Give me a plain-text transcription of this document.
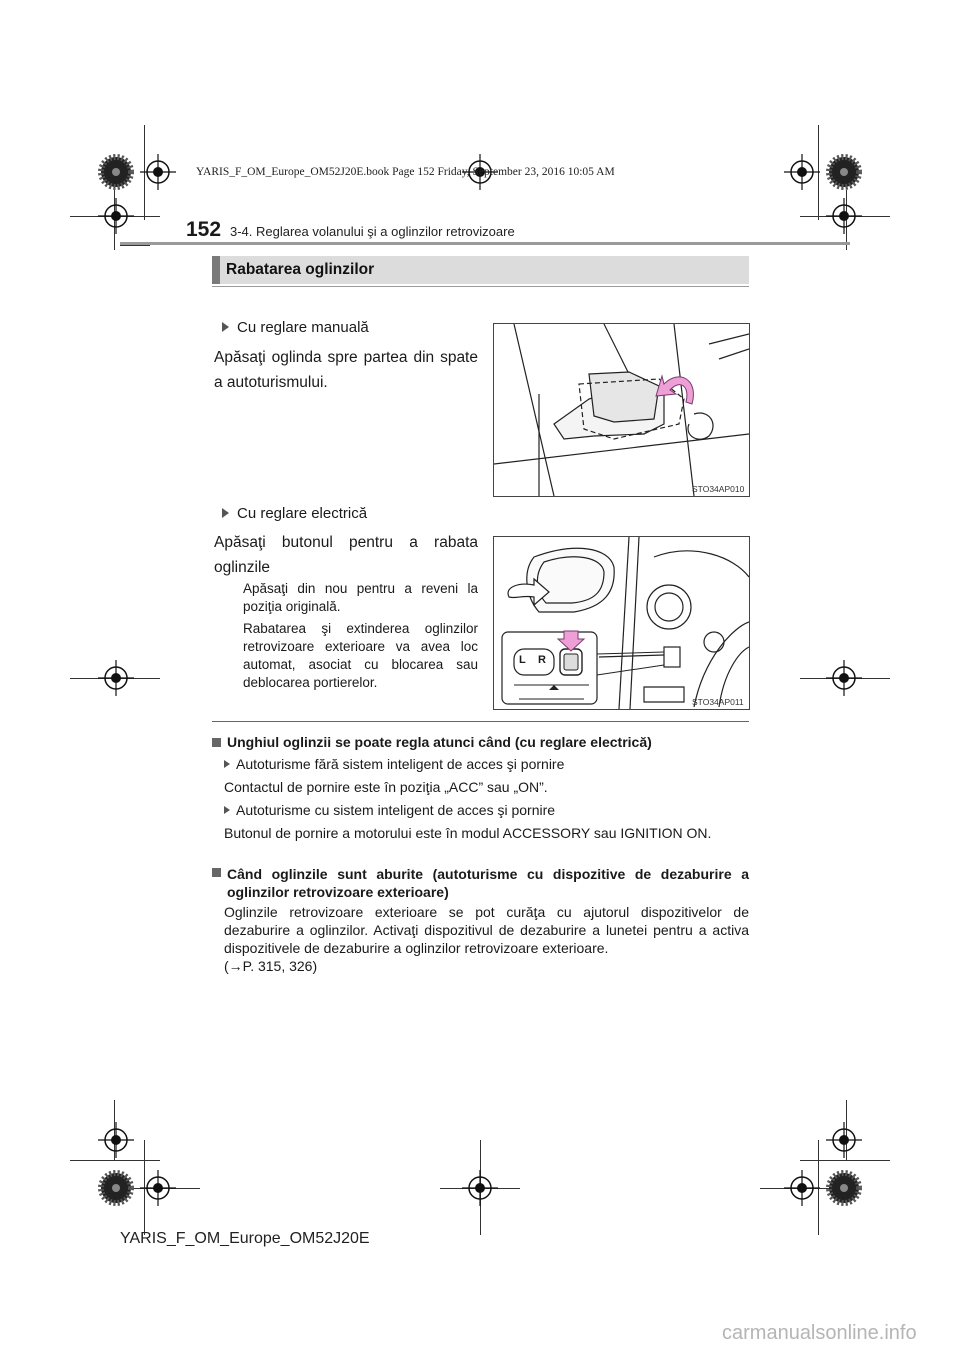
YARIS_F_OM_Europe_OM52J20E.book Page 152 Friday, September 23, 2016 10:05 AM
152 3-4. Reglarea volanului şi a oglinzilor retrovizoare
Rabatarea oglinzilor
Cu reglare manuală
Apăsaţi oglinda spre partea din spate a autoturismului.
STO34AP010
Cu reglare electrică
Apăsaţi butonul pentru a rabata oglinzile
Apăsaţi din nou pentru a reveni la poziţia originală.
Rabatarea şi extinderea oglinzilor retrovizoare exterioare va avea loc automat, asociat cu blocarea sau deblocarea portierelor.
L R
STO34AP011
Unghiul oglinzii se poate regla atunci când (cu reglare electrică)
Autoturisme fără sistem inteligent de acces şi pornire
Contactul de pornire este în poziţia „ACC” sau „ON”.
Autoturisme cu sistem inteligent de acces şi pornire
Butonul de pornire a motorului este în modul ACCESSORY sau IGNITION ON.
Când oglinzile sunt aburite (autoturisme cu dispozitive de dezaburire a oglinzilor retrovizoare exterioare)
Oglinzile retrovizoare exterioare se pot curăţa cu ajutorul dispozitivelor de dezaburire a oglinzilor. Activaţi dispozitivul de dezaburire a lunetei pentru a activa dispozitivele de dezaburire a oglinzilor retrovizoare exterioare.
(→P. 315, 326)
YARIS_F_OM_Europe_OM52J20E
carmanualsonline.info
